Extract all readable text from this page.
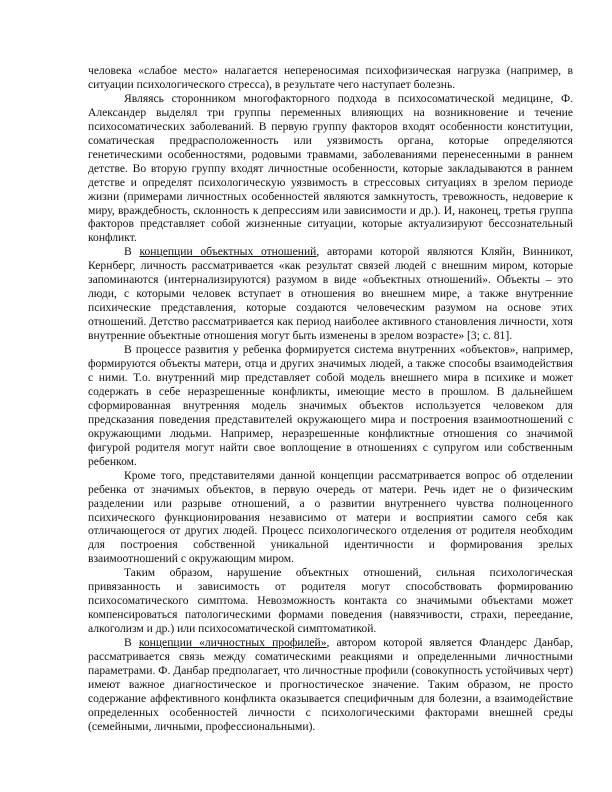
человека «слабое место» налагается непереносимая психофизическая нагрузка (например, в ситуации психологического стресса), в результате чего наступает болезнь.

Являясь сторонником многофакторного подхода в психосоматической медицине, Ф. Александер выделял три группы переменных влияющих на возникновение и течение психосоматических заболеваний. В первую группу факторов входят особенности конституции, соматическая предрасположенность или уязвимость органа, которые определяются генетическими особенностями, родовыми травмами, заболеваниями перенесенными в раннем детстве. Во вторую группу входят личностные особенности, которые закладываются в раннем детстве и определят психологическую уязвимость в стрессовых ситуациях в зрелом периоде жизни (примерами личностных особенностей являются замкнутость, тревожность, недоверие к миру, враждебность, склонность к депрессиям или зависимости и др.). И, наконец, третья группа факторов представляет собой жизненные ситуации, которые актуализируют бессознательный конфликт.

В концепции объектных отношений, авторами которой являются Кляйн, Винникот, Кернберг, личность рассматривается «как результат связей людей с внешним миром, которые запоминаются (интернализируются) разумом в виде «объектных отношений». Объекты – это люди, с которыми человек вступает в отношения во внешнем мире, а также внутренние психические представления, которые создаются человеческим разумом на основе этих отношений. Детство рассматривается как период наиболее активного становления личности, хотя внутренние объектные отношения могут быть изменены в зрелом возрасте» [3; с. 81].

В процессе развития у ребенка формируется система внутренних «объектов», например, формируются объекты матери, отца и других значимых людей, а также способы взаимодействия с ними. Т.о. внутренний мир представляет собой модель внешнего мира в психике и может содержать в себе неразрешенные конфликты, имеющие место в прошлом. В дальнейшем сформированная внутренняя модель значимых объектов используется человеком для предсказания поведения представителей окружающего мира и построения взаимоотношений с окружающими людьми. Например, неразрешенные конфликтные отношения со значимой фигурой родителя могут найти свое воплощение в отношениях с супругом или собственным ребенком.

Кроме того, представителями данной концепции рассматривается вопрос об отделении ребенка от значимых объектов, в первую очередь от матери. Речь идет не о физическим разделении или разрыве отношений, а о развитии внутреннего чувства полноценного психического функционирования независимо от матери и восприятии самого себя как отличающегося от других людей. Процесс психологического отделения от родителя необходим для построения собственной уникальной идентичности и формирования зрелых взаимоотношений с окружающим миром.

Таким образом, нарушение объектных отношений, сильная психологическая привязанность и зависимость от родителя могут способствовать формированию психосоматического симптома. Невозможность контакта со значимыми объектами может компенсироваться патологическими формами поведения (навязчивости, страхи, переедание, алкоголизм и др.) или психосоматической симптоматикой.

В концепции «личностных профилей», автором которой является Фландерс Данбар, рассматривается связь между соматическими реакциями и определенными личностными параметрами. Ф. Данбар предполагает, что личностные профили (совокупность устойчивых черт) имеют важное диагностическое и прогностическое значение. Таким образом, не просто содержание аффективного конфликта оказывается специфичным для болезни, а взаимодействие определенных особенностей личности с психологическими факторами внешней среды (семейными, личными, профессиональными).
